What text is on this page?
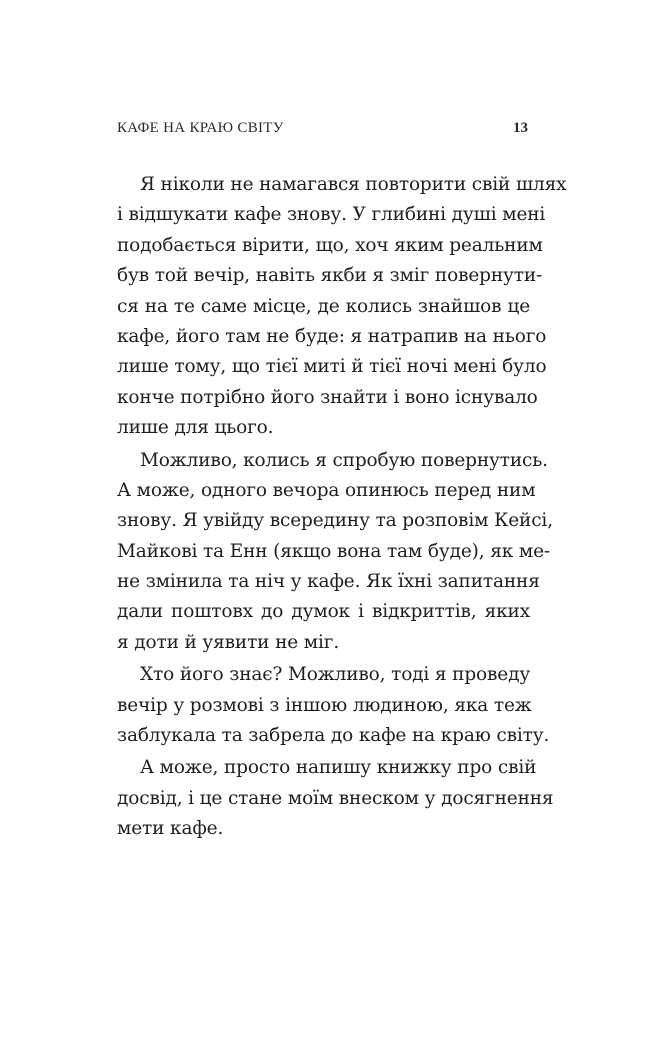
КАФЕ НА КРАЮ СВІТУ	13
Я ніколи не намагався повторити свій шлях
і відшукати кафе знову. У глибині душі мені
подобається вірити, що, хоч яким реальним
був той вечір, навіть якби я зміг повернути-
ся на те саме місце, де колись знайшов це
кафе, його там не буде: я натрапив на нього
лише тому, що тієї миті й тієї ночі мені було
конче потрібно його знайти і воно існувало
лише для цього.
Можливо, колись я спробую повернутись.
А може, одного вечора опинюсь перед ним
знову. Я увійду всередину та розповім Кейсі,
Майкові та Енн (якщо вона там буде), як ме-
не змінила та ніч у кафе. Як їхні запитання
дали поштовх до думок і відкриттів, яких
я доти й уявити не міг.
Хто його знає? Можливо, тоді я проведу
вечір у розмові з іншою людиною, яка теж
заблукала та забрела до кафе на краю світу.
А може, просто напишу книжку про свій
досвід, і це стане моїм внеском у досягнення
мети кафе.
